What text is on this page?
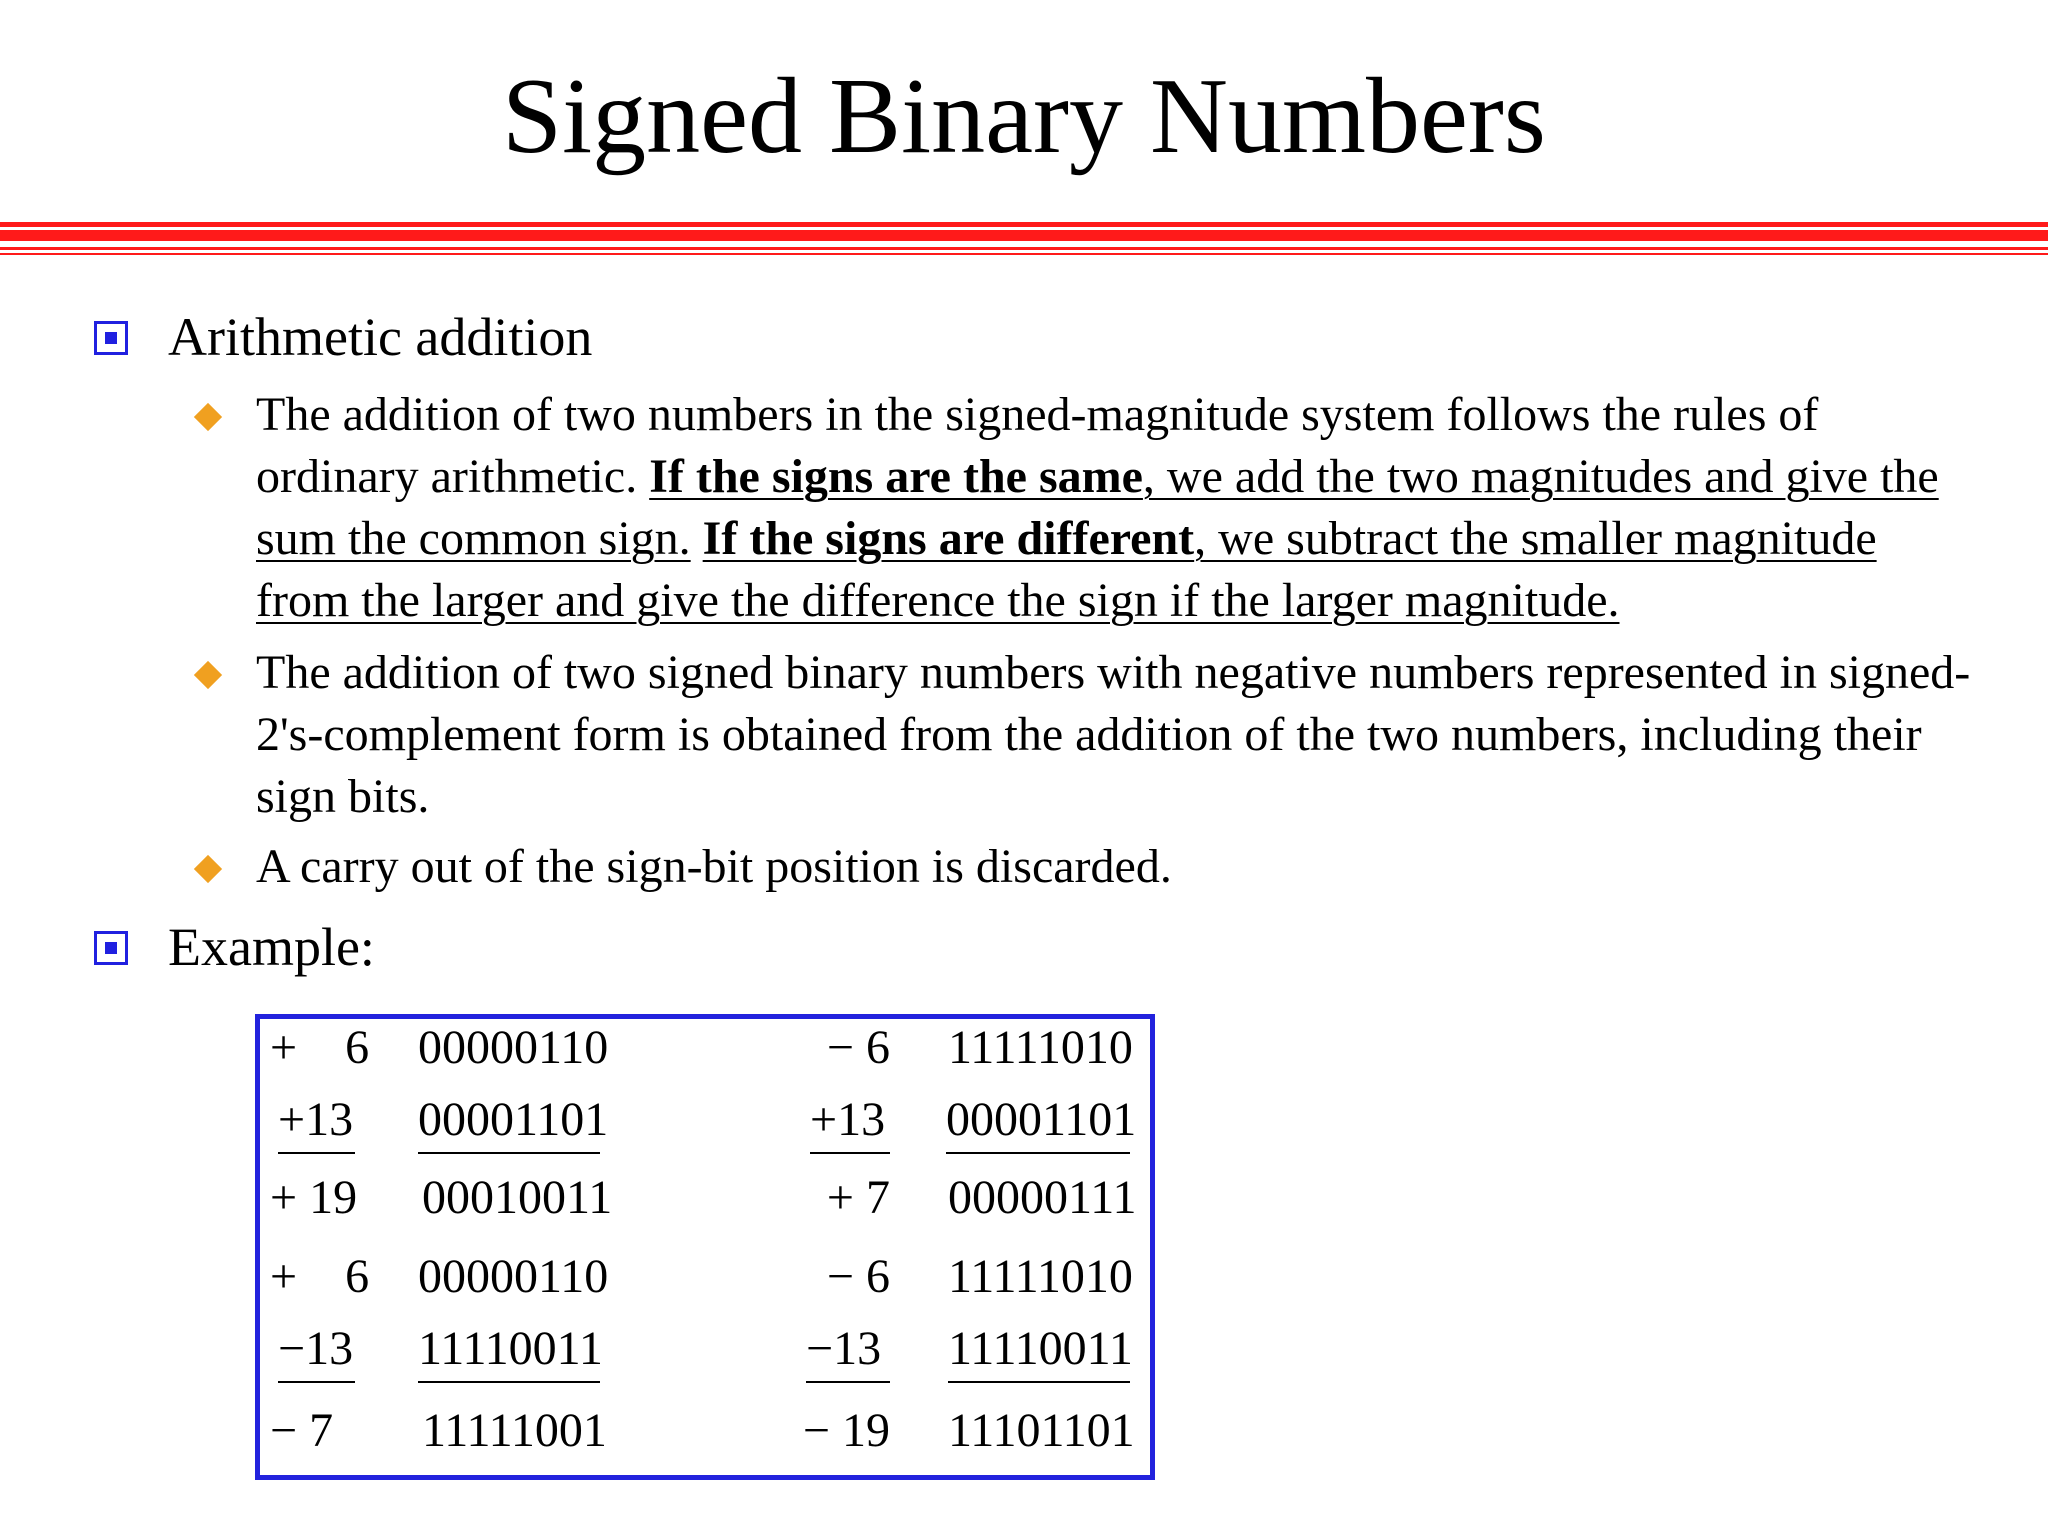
Signed Binary Numbers
Arithmetic addition
The addition of two numbers in the signed-magnitude system follows the rules of ordinary arithmetic. If the signs are the same, we add the two magnitudes and give the sum the common sign. If the signs are different, we subtract the smaller magnitude from the larger and give the difference the sign if the larger magnitude.
The addition of two signed binary numbers with negative numbers represented in signed-2's-complement form is obtained from the addition of the two numbers, including their sign bits.
A carry out of the sign-bit position is discarded.
Example:
+    6 00000110
+13 00001101
+ 19 00010011
− 6 11111010
+13 00001101
+ 7 00000111
+    6 00000110
−13 11110011
− 7 11111001
− 6 11111010
−13 11110011
− 19 11101101
